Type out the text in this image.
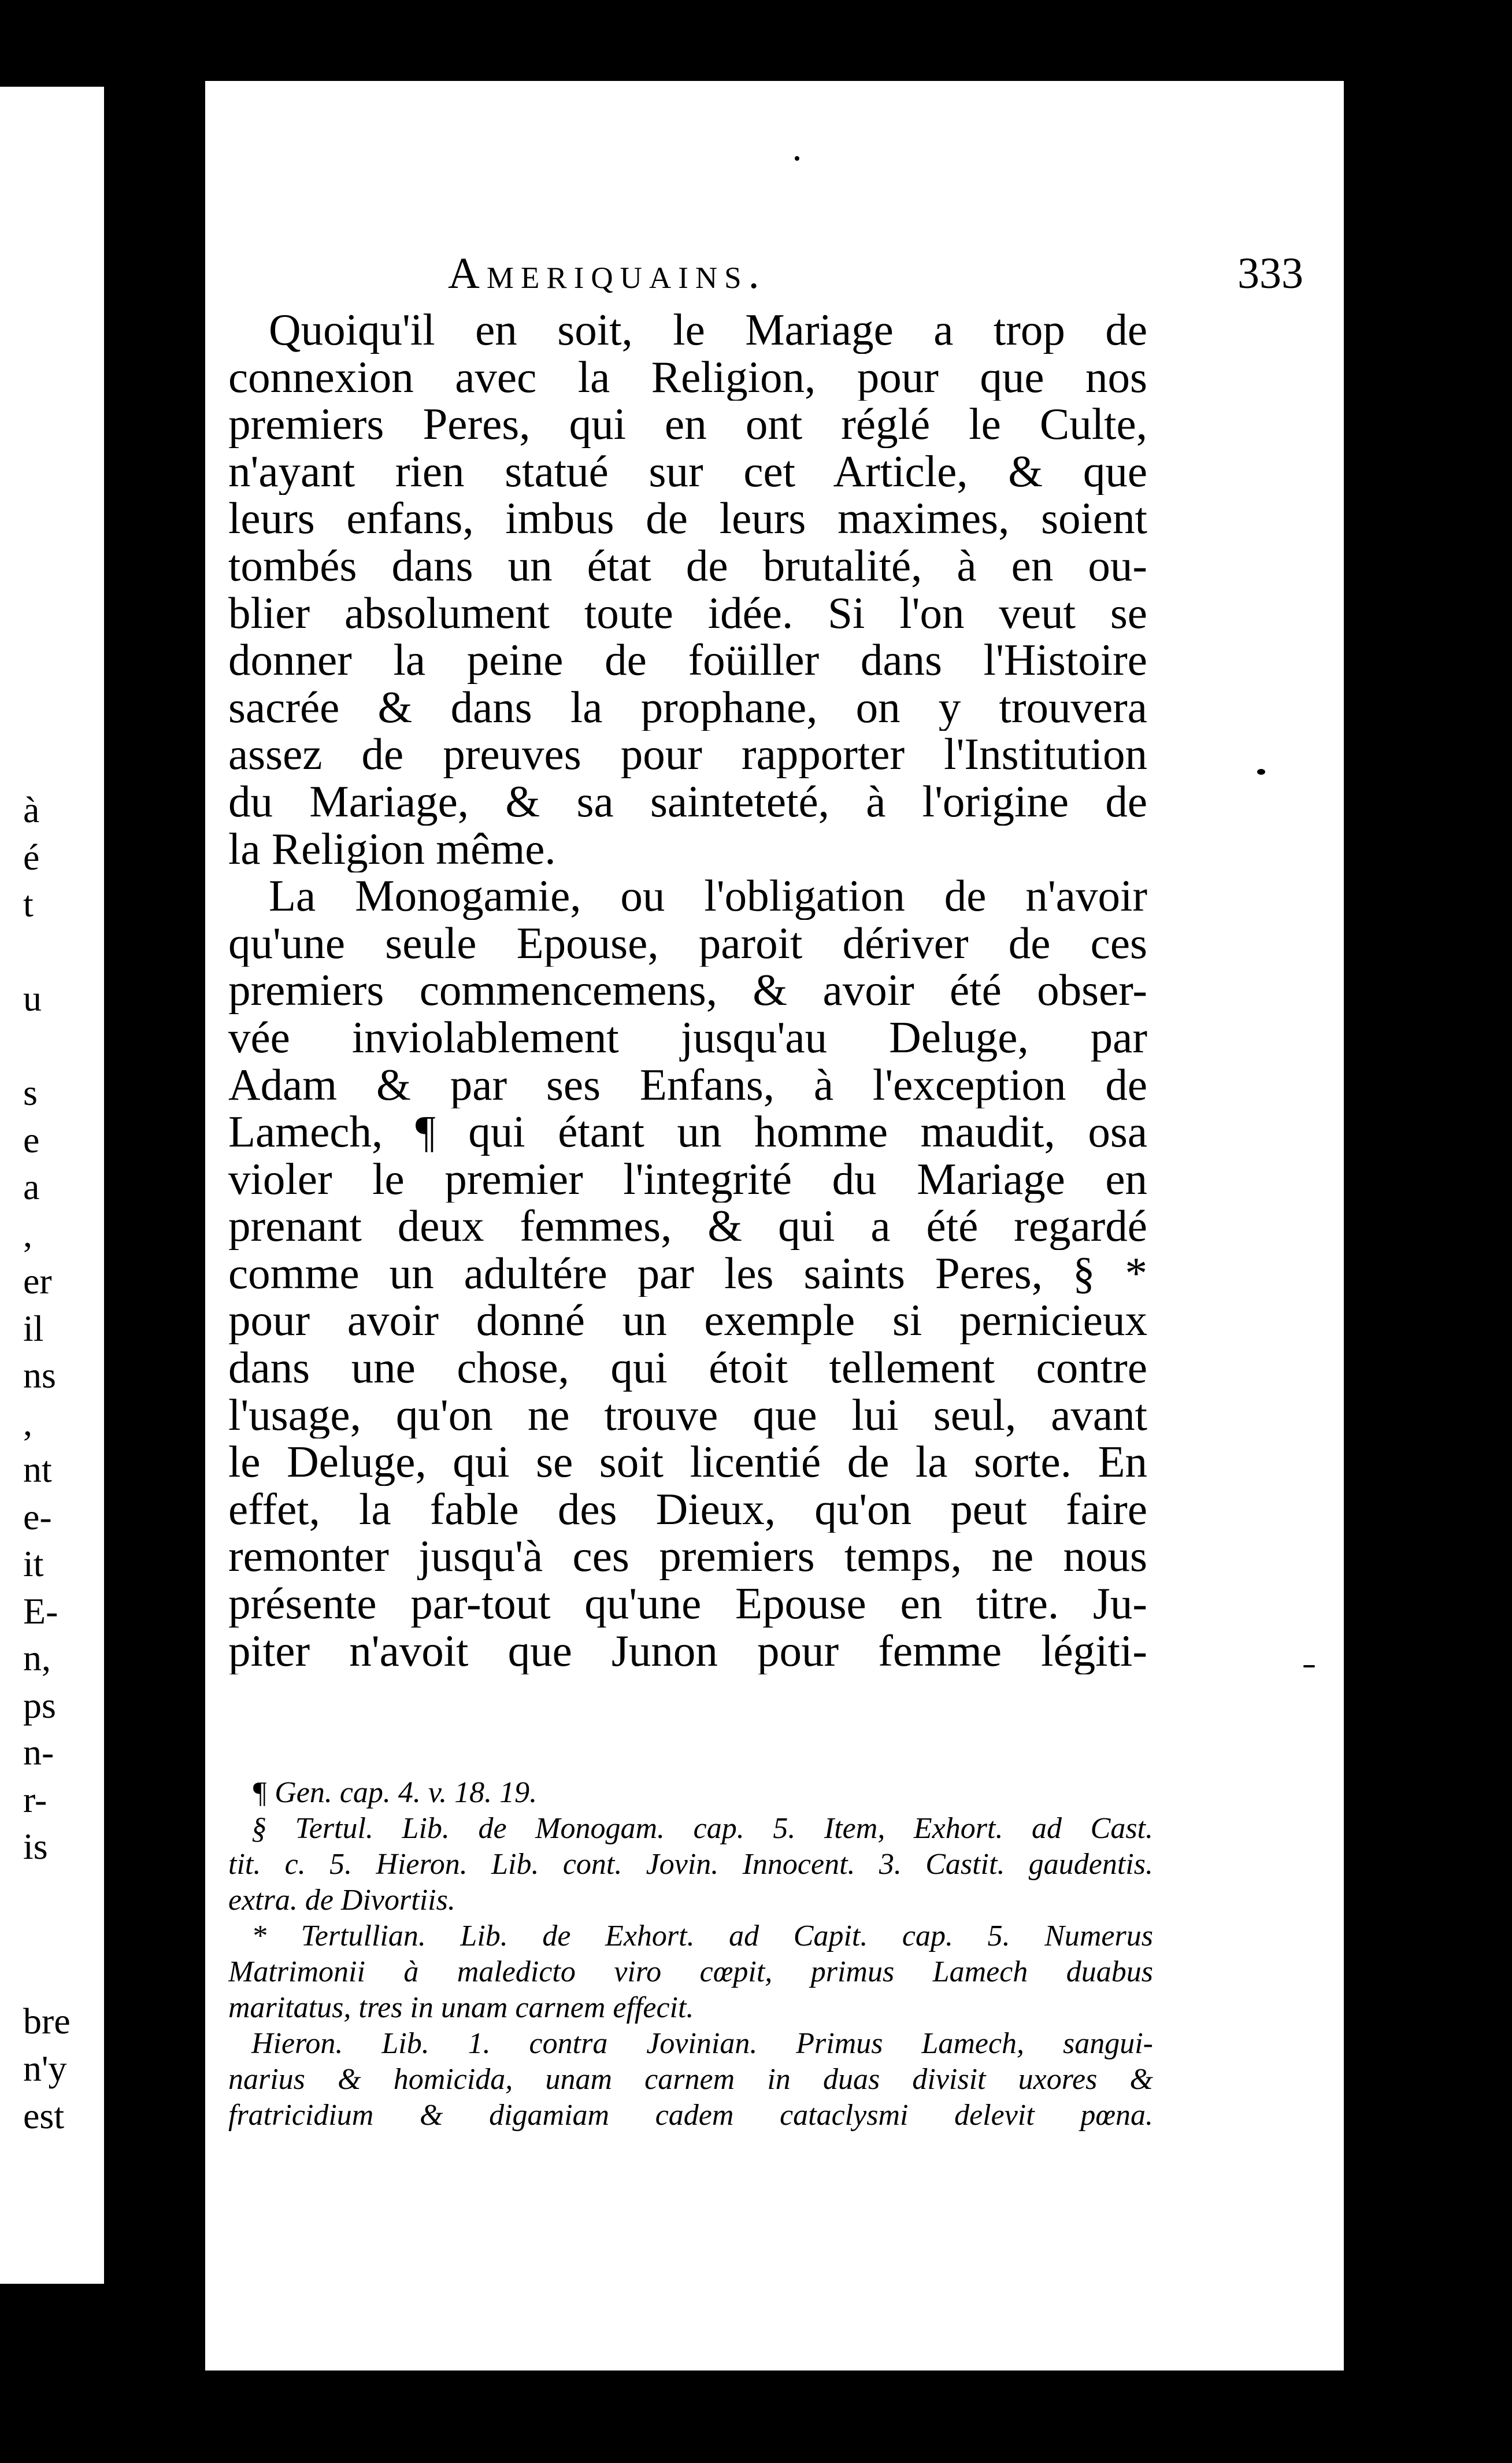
Ameriquains.	333
Quoiqu'il en soit, le Mariage a trop de
connexion avec la Religion, pour que nos
premiers Peres, qui en ont réglé le Culte,
n'ayant rien statué sur cet Article, & que
leurs enfans, imbus de leurs maximes, soient
tombés dans un état de brutalité, à en ou-
blier absolument toute idée. Si l'on veut se
donner la peine de foüiller dans l'Histoire
sacrée & dans la prophane, on y trouvera
assez de preuves pour rapporter l'Institution
du Mariage, & sa sainteteté, à l'origine de
la Religion même.
La Monogamie, ou l'obligation de n'avoir
qu'une seule Epouse, paroit dériver de ces
premiers commencemens, & avoir été obser-
vée inviolablement jusqu'au Deluge, par
Adam & par ses Enfans, à l'exception de
Lamech, ¶ qui étant un homme maudit, osa
violer le premier l'integrité du Mariage en
prenant deux femmes, & qui a été regardé
comme un adultére par les saints Peres, § *
pour avoir donné un exemple si pernicieux
dans une chose, qui étoit tellement contre
l'usage, qu'on ne trouve que lui seul, avant
le Deluge, qui se soit licentié de la sorte. En
effet, la fable des Dieux, qu'on peut faire
remonter jusqu'à ces premiers temps, ne nous
présente par-tout qu'une Epouse en titre. Ju-
piter n'avoit que Junon pour femme légiti-
¶ Gen. cap. 4. v. 18. 19.
§ Tertul. Lib. de Monogam. cap. 5. Item, Exhort. ad Cast.
tit. c. 5. Hieron. Lib. cont. Jovin. Innocent. 3. Castit. gaudentis.
extra. de Divortiis.
* Tertullian. Lib. de Exhort. ad Capit. cap. 5. Numerus
Matrimonii à maledicto viro cœpit, primus Lamech duabus
maritatus, tres in unam carnem effecit.
Hieron. Lib. 1. contra Jovinian. Primus Lamech, sangui-
narius & homicida, unam carnem in duas divisit uxores &
fratricidium & digamiam cadem cataclysmi delevit pœna.
à
é
t
u
s
e
a
,
er
il
ns
,
nt
e-
it
E-
n,
ps
n-
r-
is
bre
n'y
est
